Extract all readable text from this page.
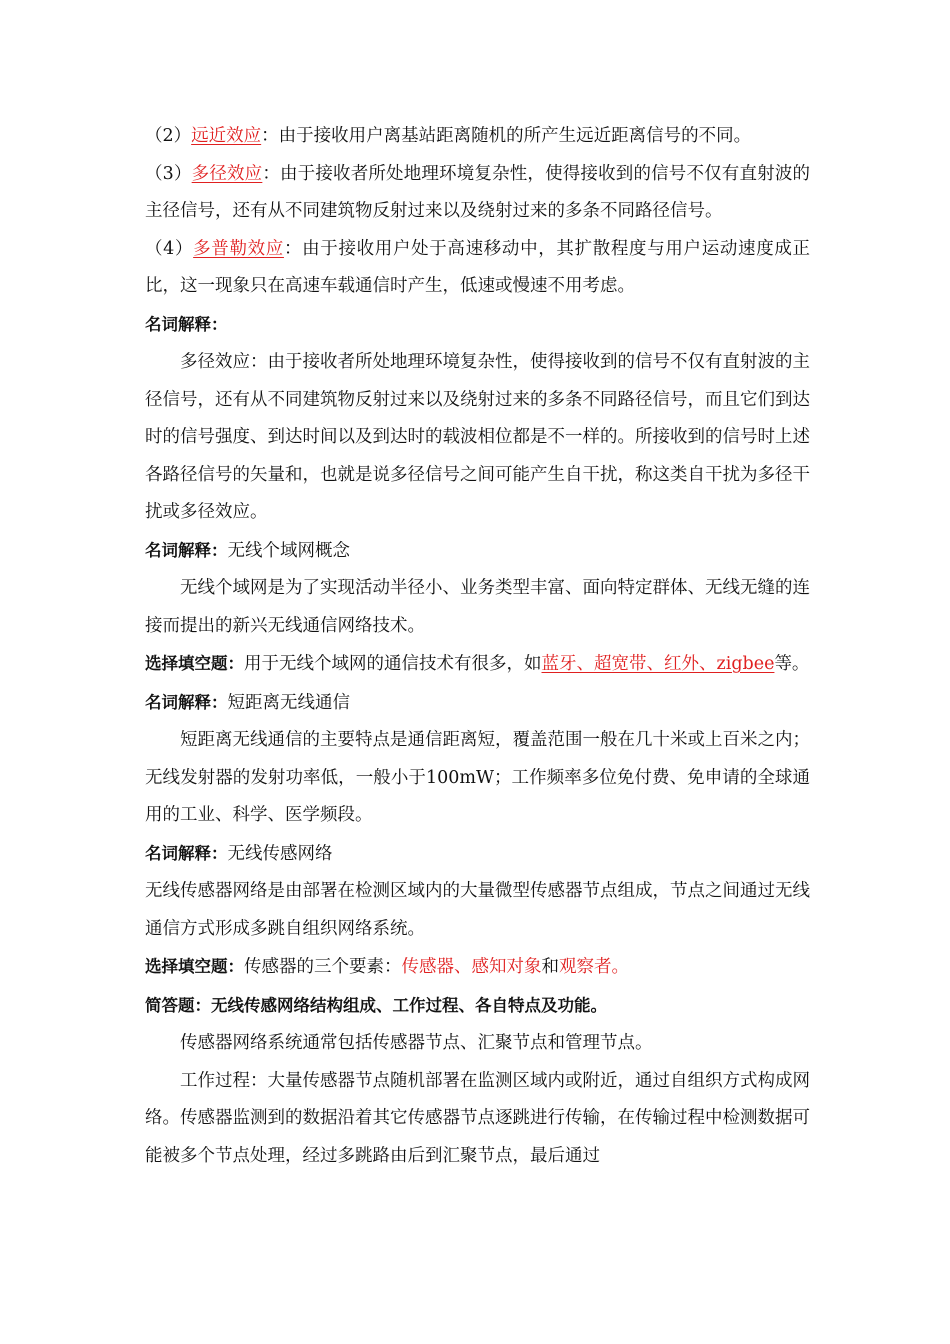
（2）远近效应：由于接收用户离基站距离随机的所产生远近距离信号的不同。

（3）多径效应：由于接收者所处地理环境复杂性，使得接收到的信号不仅有直射波的主径信号，还有从不同建筑物反射过来以及绕射过来的多条不同路径信号。

（4）多普勒效应：由于接收用户处于高速移动中，其扩散程度与用户运动速度成正比，这一现象只在高速车载通信时产生，低速或慢速不用考虑。

名词解释：

多径效应：由于接收者所处地理环境复杂性，使得接收到的信号不仅有直射波的主径信号，还有从不同建筑物反射过来以及绕射过来的多条不同路径信号，而且它们到达时的信号强度、到达时间以及到达时的载波相位都是不一样的。所接收到的信号时上述各路径信号的矢量和，也就是说多径信号之间可能产生自干扰，称这类自干扰为多径干扰或多径效应。

名词解释：无线个域网概念

无线个域网是为了实现活动半径小、业务类型丰富、面向特定群体、无线无缝的连接而提出的新兴无线通信网络技术。

选择填空题：用于无线个域网的通信技术有很多，如蓝牙、超宽带、红外、zigbee等。

名词解释：短距离无线通信

短距离无线通信的主要特点是通信距离短，覆盖范围一般在几十米或上百米之内；无线发射器的发射功率低，一般小于100mW；工作频率多位免付费、免申请的全球通用的工业、科学、医学频段。

名词解释：无线传感网络

无线传感器网络是由部署在检测区域内的大量微型传感器节点组成，节点之间通过无线通信方式形成多跳自组织网络系统。

选择填空题：传感器的三个要素：传感器、感知对象和观察者。

简答题：无线传感网络结构组成、工作过程、各自特点及功能。

传感器网络系统通常包括传感器节点、汇聚节点和管理节点。

工作过程：大量传感器节点随机部署在监测区域内或附近，通过自组织方式构成网络。传感器监测到的数据沿着其它传感器节点逐跳进行传输，在传输过程中检测数据可能被多个节点处理，经过多跳路由后到汇聚节点，最后通过
